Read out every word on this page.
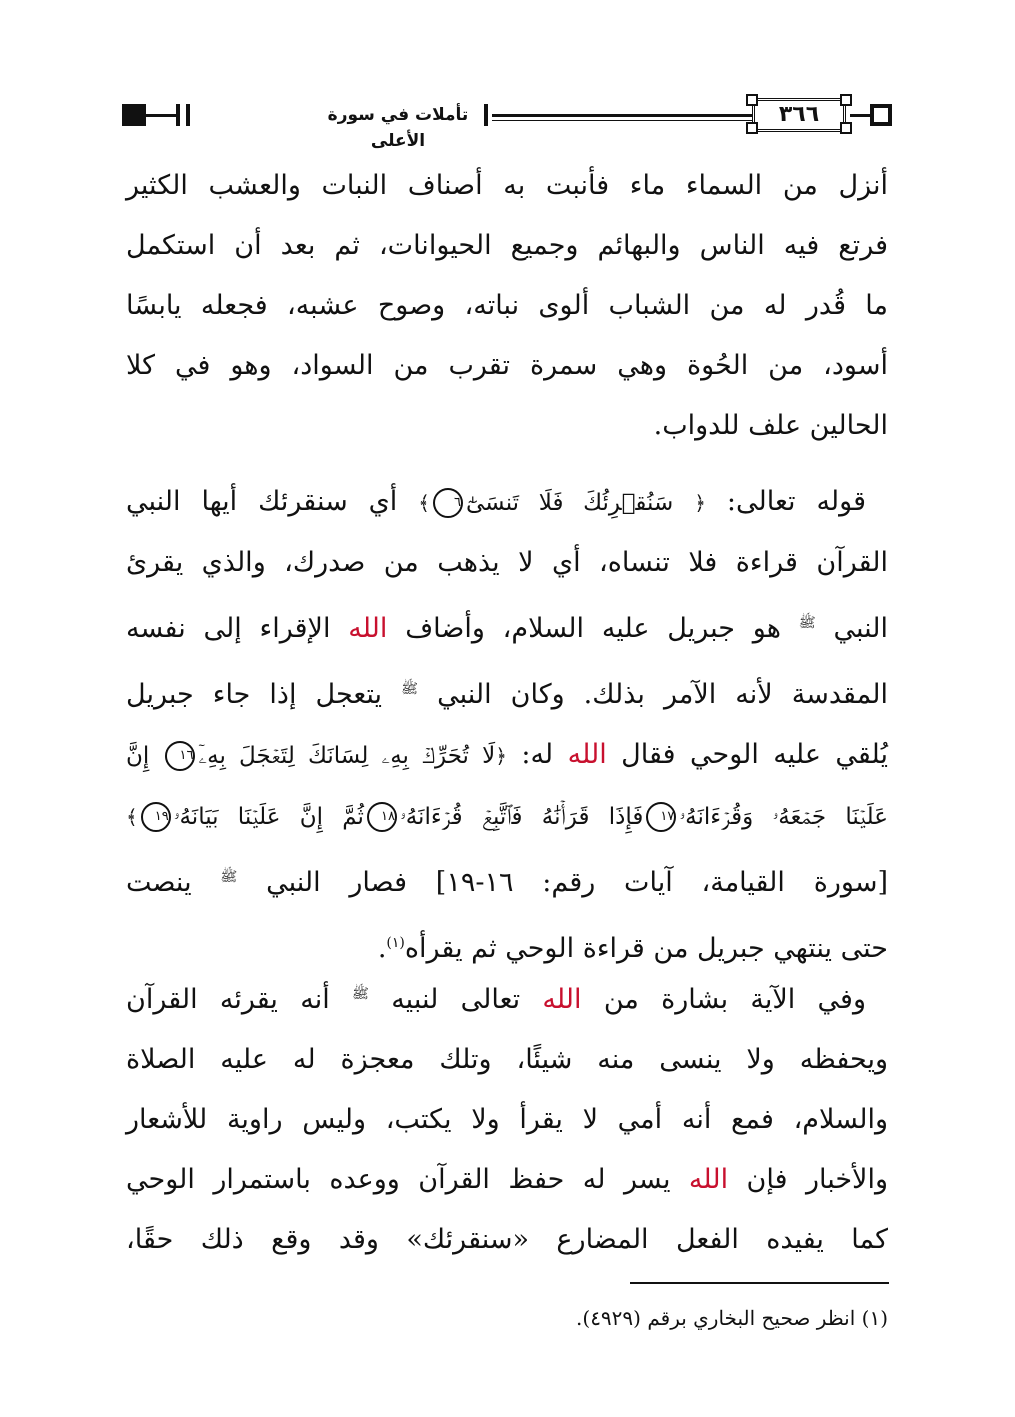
تأملات في سورة الأعلى
٣٦٦
أنزل من السماء ماء فأنبت به أصناف النبات والعشب الكثير
فرتع فيه الناس والبهائم وجميع الحيوانات، ثم بعد أن استكمل
ما قُدر له من الشباب ألوى نباته، وصوح عشبه، فجعله يابسًا
أسود، من الحُوة وهي سمرة تقرب من السواد، وهو في كلا
الحالين علف للدواب.
قوله تعالى: ﴿ سَنُقۡرِئُكَ فَلَا تَنسَىٰٓ٦﴾ أي سنقرئك أيها النبي
القرآن قراءة فلا تنساه، أي لا يذهب من صدرك، والذي يقرئ
النبي $^ﷺ$ هو جبريل عليه السلام، وأضاف الله الإقراء إلى نفسه
المقدسة لأنه الآمر بذلك. وكان النبي $^ﷺ$ يتعجل إذا جاء جبريل
يُلقي عليه الوحي فقال الله له: ﴿لَا تُحَرِّكۡ بِهِۦ لِسَانَكَ لِتَعۡجَلَ بِهِۦٓ١٦ إِنَّ
عَلَيۡنَا جَمۡعَهُۥ وَقُرۡءَانَهُۥ١٧فَإِذَا قَرَأۡنَٰهُ فَٱتَّبِعۡ قُرۡءَانَهُۥ١٨ثُمَّ إِنَّ عَلَيۡنَا بَيَانَهُۥ١٩﴾
[سورة القيامة، آيات رقم: ١٦-١٩] فصار النبي $^ﷺ$ ينصت
حتى ينتهي جبريل من قراءة الوحي ثم يقرأه$^{(١)}$.
وفي الآية بشارة من الله تعالى لنبيه $^ﷺ$ أنه يقرئه القرآن
ويحفظه ولا ينسى منه شيئًا، وتلك معجزة له عليه الصلاة
والسلام، فمع أنه أمي لا يقرأ ولا يكتب، وليس راوية للأشعار
والأخبار فإن الله يسر له حفظ القرآن ووعده باستمرار الوحي
كما يفيده الفعل المضارع «سنقرئك» وقد وقع ذلك حقًا،
(١) انظر صحيح البخاري برقم (٤٩٢٩).
